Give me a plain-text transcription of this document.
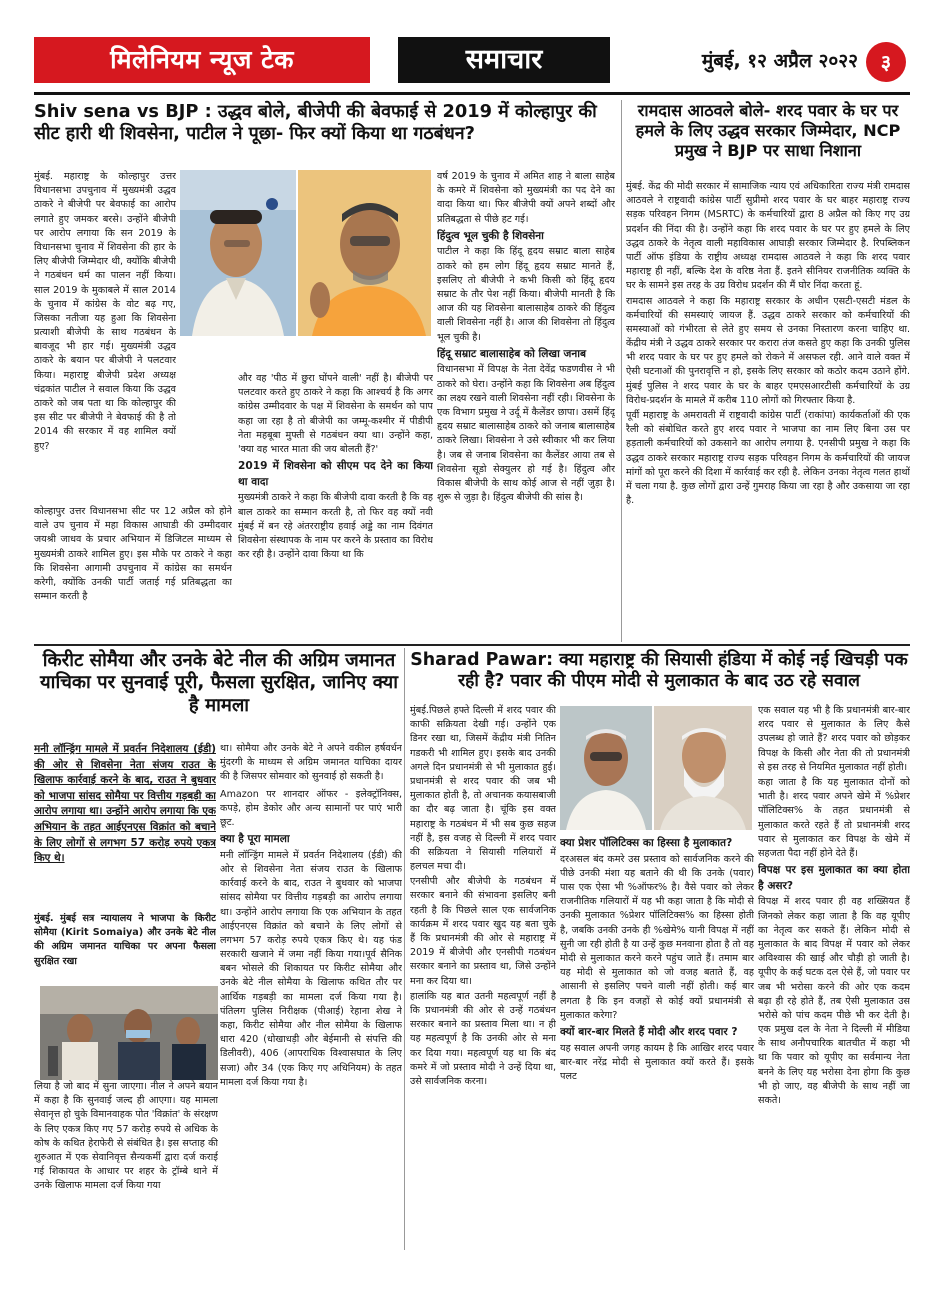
मिलेनियम न्यूज टेक	समाचार	मुंबई, १२ अप्रैल २०२२	३
Shiv sena vs BJP : उद्धव बोले, बीजेपी की बेवफाई से 2019 में कोल्हापुर की सीट हारी थी शिवसेना, पाटील ने पूछा- फिर क्यों किया था गठबंधन?

मुंबई. महाराष्ट्र के कोल्हापुर उत्तर विधानसभा उपचुनाव में मुख्यमंत्री उद्धव ठाकरे ने बीजेपी पर बेवफाई का आरोप लगाते हुए जमकर बरसे। उन्होंने बीजेपी पर आरोप लगाया कि सन 2019 के विधानसभा चुनाव में शिवसेना की हार के लिए बीजेपी जिम्मेदार थी, क्योंकि बीजेपी ने गठबंधन धर्म का पालन नहीं किया। साल 2019 के मुकाबले में साल 2014 के चुनाव में कांग्रेस के वोट बढ़ गए, जिसका नतीजा यह हुआ कि शिवसेना प्रत्याशी बीजेपी के साथ गठबंधन के बावजूद भी हार गई। मुख्यमंत्री उद्धव ठाकरे के बयान पर बीजेपी ने पलटवार किया। महाराष्ट्र बीजेपी प्रदेश अध्यक्ष चंद्रकांत पाटील ने सवाल किया कि उद्धव ठाकरे को जब पता था कि कोल्हापुर की इस सीट पर बीजेपी ने बेवफाई की है तो 2014 की सरकार में वह शामिल क्यों हुए?

कोल्हापुर उत्तर विधानसभा सीट पर 12 अप्रैल को होने वाले उप चुनाव में महा विकास आघाडी की उम्मीदवार जयश्री जाधव के प्रचार अभियान में डिजिटल माध्यम से मुख्यमंत्री ठाकरे शामिल हुए। इस मौके पर ठाकरे ने कहा कि शिवसेना आगामी उपचुनाव में कांग्रेस का समर्थन करेगी, क्योंकि उनकी पार्टी जताई गई प्रतिबद्धता का सम्मान करती है

और वह 'पीठ में छुरा घोंपने वाली' नहीं है। बीजेपी पर पलटवार करते हुए ठाकरे ने कहा कि आश्चर्य है कि अगर कांग्रेस उम्मीदवार के पक्ष में शिवसेना के समर्थन को पाप कहा जा रहा है तो बीजेपी का जम्मू-कश्मीर में पीडीपी नेता महबूबा मुफ्ती से गठबंधन क्या था। उन्होंने कहा, 'क्या वह भारत माता की जय बोलती हैं?'

2019 में शिवसेना को सीएम पद देने का किया था वादा

मुख्यमंत्री ठाकरे ने कहा कि बीजेपी दावा करती है कि वह बाल ठाकरे का सम्मान करती है, तो फिर वह क्यों नवी मुंबई में बन रहे अंतरराष्ट्रीय हवाई अड्डे का नाम दिवंगत शिवसेना संस्थापक के नाम पर करने के प्रस्ताव का विरोध कर रही है। उन्होंने दावा किया था कि

वर्ष 2019 के चुनाव में अमित शाह ने बाला साहेब के कमरे में शिवसेना को मुख्यमंत्री का पद देने का वादा किया था। फिर बीजेपी क्यों अपने शब्दों और प्रतिबद्धता से पीछे हट गई।

हिंदुत्व भूल चुकी है शिवसेना

पाटील ने कहा कि हिंदू हृदय सम्राट बाला साहेब ठाकरे को हम लोग हिंदू हृदय सम्राट मानते हैं, इसलिए तो बीजेपी ने कभी किसी को हिंदू हृदय सम्राट के तौर पेश नहीं किया। बीजेपी मानती है कि आज की यह शिवसेना बालासाहेब ठाकरे की हिंदुत्व वाली शिवसेना नहीं है। आज की शिवसेना तो हिंदुत्व भूल चुकी है।

हिंदू सम्राट बालासाहेब को लिखा जनाब

विधानसभा में विपक्ष के नेता देवेंद्र फडणवीस ने भी ठाकरे को घेरा। उन्होंने कहा कि शिवसेना अब हिंदुत्व का लक्ष्य रखने वाली शिवसेना नहीं रही। शिवसेना के एक विभाग प्रमुख ने उर्दू में कैलेंडर छापा। उसमें हिंदू हृदय सम्राट बालासाहेब ठाकरे को जनाब बालासाहेब ठाकरे लिखा। शिवसेना ने उसे स्वीकार भी कर लिया है। जब से जनाब शिवसेना का कैलेंडर आया तब से शिवसेना सूडो सेक्युलर हो गई है। हिंदुत्व और विकास बीजेपी के साथ कोई आज से नहीं जुड़ा है। शुरू से जुड़ा है। हिंदुत्व बीजेपी की सांस है।

रामदास आठवले बोले- शरद पवार के घर पर हमले के लिए उद्धव सरकार जिम्मेदार, NCP प्रमुख ने BJP पर साधा निशाना

मुंबई. केंद्र की मोदी सरकार में सामाजिक न्याय एवं अधिकारिता राज्य मंत्री रामदास आठवले ने राष्ट्रवादी कांग्रेस पार्टी सुप्रीमो शरद पवार के घर बाहर महाराष्ट्र राज्य सड़क परिवहन निगम (MSRTC) के कर्मचारियों द्वारा 8 अप्रैल को किए गए उग्र प्रदर्शन की निंदा की है। उन्होंने कहा कि शरद पवार के घर पर हुए हमले के लिए उद्धव ठाकरे के नेतृत्व वाली महाविकास आघाड़ी सरकार जिम्मेदार है. रिपब्लिकन पार्टी ऑफ इंडिया के राष्ट्रीय अध्यक्ष रामदास आठवले ने कहा कि शरद पवार महाराष्ट्र ही नहीं, बल्कि देश के वरिष्ठ नेता हैं. इतने सीनियर राजनीतिक व्यक्ति के घर के सामने इस तरह के उग्र विरोध प्रदर्शन की मैं घोर निंदा करता हूं.

रामदास आठवले ने कहा कि महाराष्ट्र सरकार के अधीन एसटी-एसटी मंडल के कर्मचारियों की समस्याएं जायज हैं. उद्धव ठाकरे सरकार को कर्मचारियों की समस्याओं को गंभीरता से लेते हुए समय से उनका निस्तारण करना चाहिए था. केंद्रीय मंत्री ने उद्धव ठाकरे सरकार पर करारा तंज कसते हुए कहा कि उनकी पुलिस भी शरद पवार के घर पर हुए हमले को रोकने में असफल रही. आने वाले वक्त में ऐसी घटनाओं की पुनरावृत्ति न हो, इसके लिए सरकार को कठोर कदम उठाने होंगे. मुंबई पुलिस ने शरद पवार के घर के बाहर एमएसआरटीसी कर्मचारियों के उग्र विरोध-प्रदर्शन के मामले में करीब 110 लोगों को गिरफ्तार किया है.

पूर्वी महाराष्ट्र के अमरावती में राष्ट्रवादी कांग्रेस पार्टी (राकांपा) कार्यकर्ताओं की एक रैली को संबोधित करते हुए शरद पवार ने भाजपा का नाम लिए बिना उस पर हड़ताली कर्मचारियों को उकसाने का आरोप लगाया है. एनसीपी प्रमुख ने कहा कि उद्धव ठाकरे सरकार महाराष्ट्र राज्य सड़क परिवहन निगम के कर्मचारियों की जायज मांगों को पूरा करने की दिशा में कार्रवाई कर रही है. लेकिन उनका नेतृत्व गलत हाथों में चला गया है. कुछ लोगों द्वारा उन्हें गुमराह किया जा रहा है और उकसाया जा रहा है.

किरीट सोमैया और उनके बेटे नील की अग्रिम जमानत याचिका पर सुनवाई पूरी, फैसला सुरक्षित, जानिए क्या है मामला
मनी लॉन्ड्रिंग मामले में प्रवर्तन निदेशालय (ईडी) की ओर से शिवसेना नेता संजय राउत के खिलाफ कार्रवाई करने के बाद, राउत ने बुधवार को भाजपा सांसद सोमैया पर वित्तीय गड़बड़ी का आरोप लगाया था। उन्होंने आरोप लगाया कि एक अभियान के तहत आईएनएस विक्रांत को बचाने के लिए लोगों से लगभग 57 करोड़ रुपये एकत्र किए थे।

मुंबई. मुंबई सत्र न्यायालय ने भाजपा के किरीट सोमैया (Kirit Somaiya) और उनके बेटे नील की अग्रिम जमानत याचिका पर अपना फैसला सुरक्षित रखा

लिया है जो बाद में सुना जाएगा। नील ने अपने बयान में कहा है कि सुनवाई जल्द ही आएगा। यह मामला सेवानृत्त हो चुके विमानवाहक पोत 'विक्रांत' के संरक्षण के लिए एकत्र किए गए 57 करोड़ रुपये से अधिक के कोष के कथित हेराफेरी से संबंधित है। इस सप्ताह की शुरुआत में एक सेवानिवृत्त सैन्यकर्मी द्वारा दर्ज कराई गई शिकायत के आधार पर शहर के ट्रॉम्बे थाने में उनके खिलाफ मामला दर्ज किया गया

था। सोमैया और उनके बेटे ने अपने वकील हर्षवर्धन मुंदरगी के माध्यम से अग्रिम जमानत याचिका दायर की है जिसपर सोमवार को सुनवाई हो सकती है।

Amazon पर शानदार ऑफर - इलेक्ट्रॉनिक्स, कपड़े, होम डेकोर और अन्य सामानों पर पाएं भारी छूट.

क्या है पूरा मामला

मनी लॉन्ड्रिंग मामले में प्रवर्तन निदेशालय (ईडी) की ओर से शिवसेना नेता संजय राउत के खिलाफ कार्रवाई करने के बाद, राउत ने बुधवार को भाजपा सांसद सोमैया पर वित्तीय गड़बड़ी का आरोप लगाया था। उन्होंने आरोप लगाया कि एक अभियान के तहत आईएनएस विक्रांत को बचाने के लिए लोगों से लगभग 57 करोड़ रुपये एकत्र किए थे। यह फंड सरकारी खजाने में जमा नहीं किया गया।पूर्व सैनिक बबन भोसले की शिकायत पर किरीट सोमैया और उनके बेटे नील सोमैया के खिलाफ कथित तौर पर आर्थिक गड़बड़ी का मामला दर्ज किया गया है। पंतिलग पुलिस निरीक्षक (पीआई) रेहाना शेख ने कहा, किरीट सोमैया और नील सोमैया के खिलाफ धारा 420 (धोखाधड़ी और बेईमानी से संपत्ति की डिलीवरी), 406 (आपराधिक विश्वासघात के लिए सजा) और 34 (एक किए गए अधिनियम) के तहत मामला दर्ज किया गया है।

Sharad Pawar: क्या महाराष्ट्र की सियासी हंडिया में कोई नई खिचड़ी पक रही है? पवार की पीएम मोदी से मुलाकात के बाद उठ रहे सवाल

मुंबई.पिछले हफ्ते दिल्ली में शरद पवार की काफी सक्रियता देखी गई। उन्होंने एक डिनर रखा था, जिसमें केंद्रीय मंत्री नितिन गडकरी भी शामिल हुए। इसके बाद उनकी अगले दिन प्रधानमंत्री से भी मुलाकात हुई। प्रधानमंत्री से शरद पवार की जब भी मुलाकात होती है, तो अचानक कयासबाजी का दौर बढ़ जाता है। चूंकि इस वक्त महाराष्ट्र के गठबंधन में भी सब कुछ सहज नहीं है, इस वजह से दिल्ली में शरद पवार की सक्रियता ने सियासी गलियारों में हलचल मचा दी।

एनसीपी और बीजेपी के गठबंधन में सरकार बनाने की संभावना इसलिए बनी रहती है कि पिछले साल एक सार्वजनिक कार्यक्रम में शरद पवार खुद यह बता चुके हैं कि प्रधानमंत्री की ओर से महाराष्ट्र में 2019 में बीजेपी और एनसीपी गठबंधन सरकार बनाने का प्रस्ताव था, जिसे उन्होंने मना कर दिया था।

हालांकि यह बात उतनी महत्वपूर्ण नहीं है कि प्रधानमंत्री की ओर से उन्हें गठबंधन सरकार बनाने का प्रस्ताव मिला था। न ही यह महत्वपूर्ण है कि उनकी ओर से मना कर दिया गया। महत्वपूर्ण यह था कि बंद कमरे में जो प्रस्ताव मोदी ने उन्हें दिया था, उसे सार्वजनिक करना।

क्या प्रेशर पॉलिटिक्स का हिस्सा है मुलाकात?

दरअसल बंद कमरे उस प्रस्ताव को सार्वजनिक करने की पीछे उनकी मंशा यह बताने की थी कि उनके (पवार) पास एक ऐसा भी %ऑफर% है। वैसे पवार को लेकर राजनीतिक गलियारों में यह भी कहा जाता है कि मोदी से उनकी मुलाकात %प्रेशर पॉलिटिक्स% का हिस्सा होती है, जबकि उनकी उनके ही %खेमे% यानी विपक्ष में नहीं सुनी जा रही होती है या उन्हें कुछ मनवाना होता है तो वह मोदी से मुलाकात करने करने पहुंच जाते हैं। तमाम बार यह मोदी से मुलाकात को जो वजह बताते हैं, वह आसानी से इसलिए पचने वाली नहीं होती। कई बार लगता है कि इन वजहों से कोई क्यों प्रधानमंत्री से मुलाकात करेगा?

क्यों बार-बार मिलते हैं मोदी और शरद पवार ?

यह सवाल अपनी जगह कायम है कि आखिर शरद पवार बार-बार नरेंद्र मोदी से मुलाकात क्यों करते हैं। इसके पलट

एक सवाल यह भी है कि प्रधानमंत्री बार-बार शरद पवार से मुलाकात के लिए कैसे उपलब्ध हो जाते हैं? शरद पवार को छोड़कर विपक्ष के किसी और नेता की तो प्रधानमंत्री से इस तरह से नियमित मुलाकात नहीं होती।

कहा जाता है कि यह मुलाकात दोनों को भाती है। शरद पवार अपने खेमे में %प्रेशर पॉलिटिक्स% के तहत प्रधानमंत्री से मुलाकात करते रहते हैं तो प्रधानमंत्री शरद पवार से मुलाकात कर विपक्ष के खेमे में सहजता पैदा नहीं होने देते हैं।

विपक्ष पर इस मुलाकात का क्या होता है असर?

विपक्ष में शरद पवार ही वह शख्सियत हैं जिनको लेकर कहा जाता है कि वह यूपीए का नेतृत्व कर सकते हैं। लेकिन मोदी से मुलाकात के बाद विपक्ष में पवार को लेकर अविश्वास की खाई और चौड़ी हो जाती है। यूपीए के कई घटक दल ऐसे हैं, जो पवार पर जब भी भरोसा करने की ओर एक कदम बढ़ा ही रहे होते हैं, तब ऐसी मुलाकात उस भरोसे को पांच कदम पीछे भी कर देती है। एक प्रमुख दल के नेता ने दिल्ली में मीडिया के साथ अनौपचारिक बातचीत में कहा भी था कि पवार को यूपीए का सर्वमान्य नेता बनने के लिए यह भरोसा देना होगा कि कुछ भी हो जाए, वह बीजेपी के साथ नहीं जा सकते।
